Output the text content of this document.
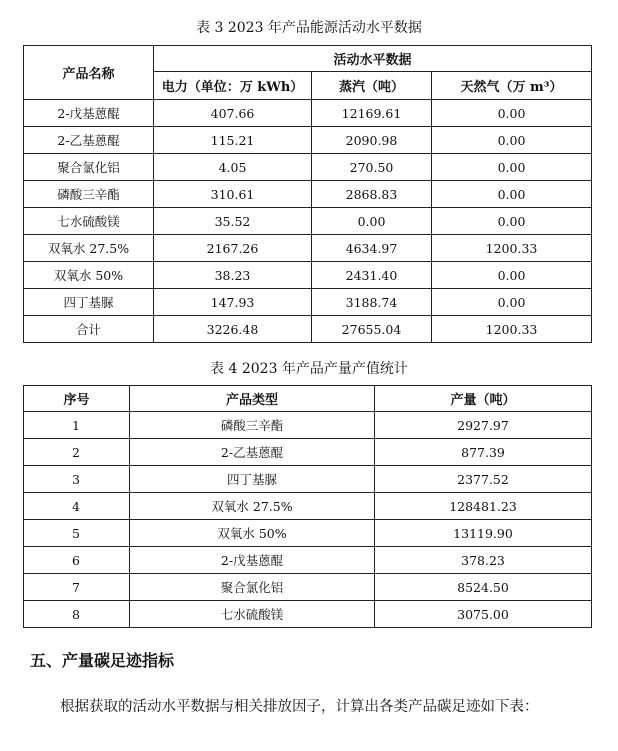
表 3 2023 年产品能源活动水平数据
产品名称	活动水平数据		
	电力（单位：万 kWh）	蒸汽（吨）	天然气（万 m³）
2-戊基蒽醌	407.66	12169.61	0.00
2-乙基蒽醌	115.21	2090.98	0.00
聚合氯化铝	4.05	270.50	0.00
磷酸三辛酯	310.61	2868.83	0.00
七水硫酸镁	35.52	0.00	0.00
双氧水 27.5%	2167.26	4634.97	1200.33
双氧水 50%	38.23	2431.40	0.00
四丁基脲	147.93	3188.74	0.00
合计	3226.48	27655.04	1200.33
表 4 2023 年产品产量产值统计
序号	产品类型	产量（吨）
1	磷酸三辛酯	2927.97
2	2-乙基蒽醌	877.39
3	四丁基脲	2377.52
4	双氧水 27.5%	128481.23
5	双氧水 50%	13119.90
6	2-戊基蒽醌	378.23
7	聚合氯化铝	8524.50
8	七水硫酸镁	3075.00
五、产量碳足迹指标
根据获取的活动水平数据与相关排放因子，计算出各类产品碳足迹如下表：
